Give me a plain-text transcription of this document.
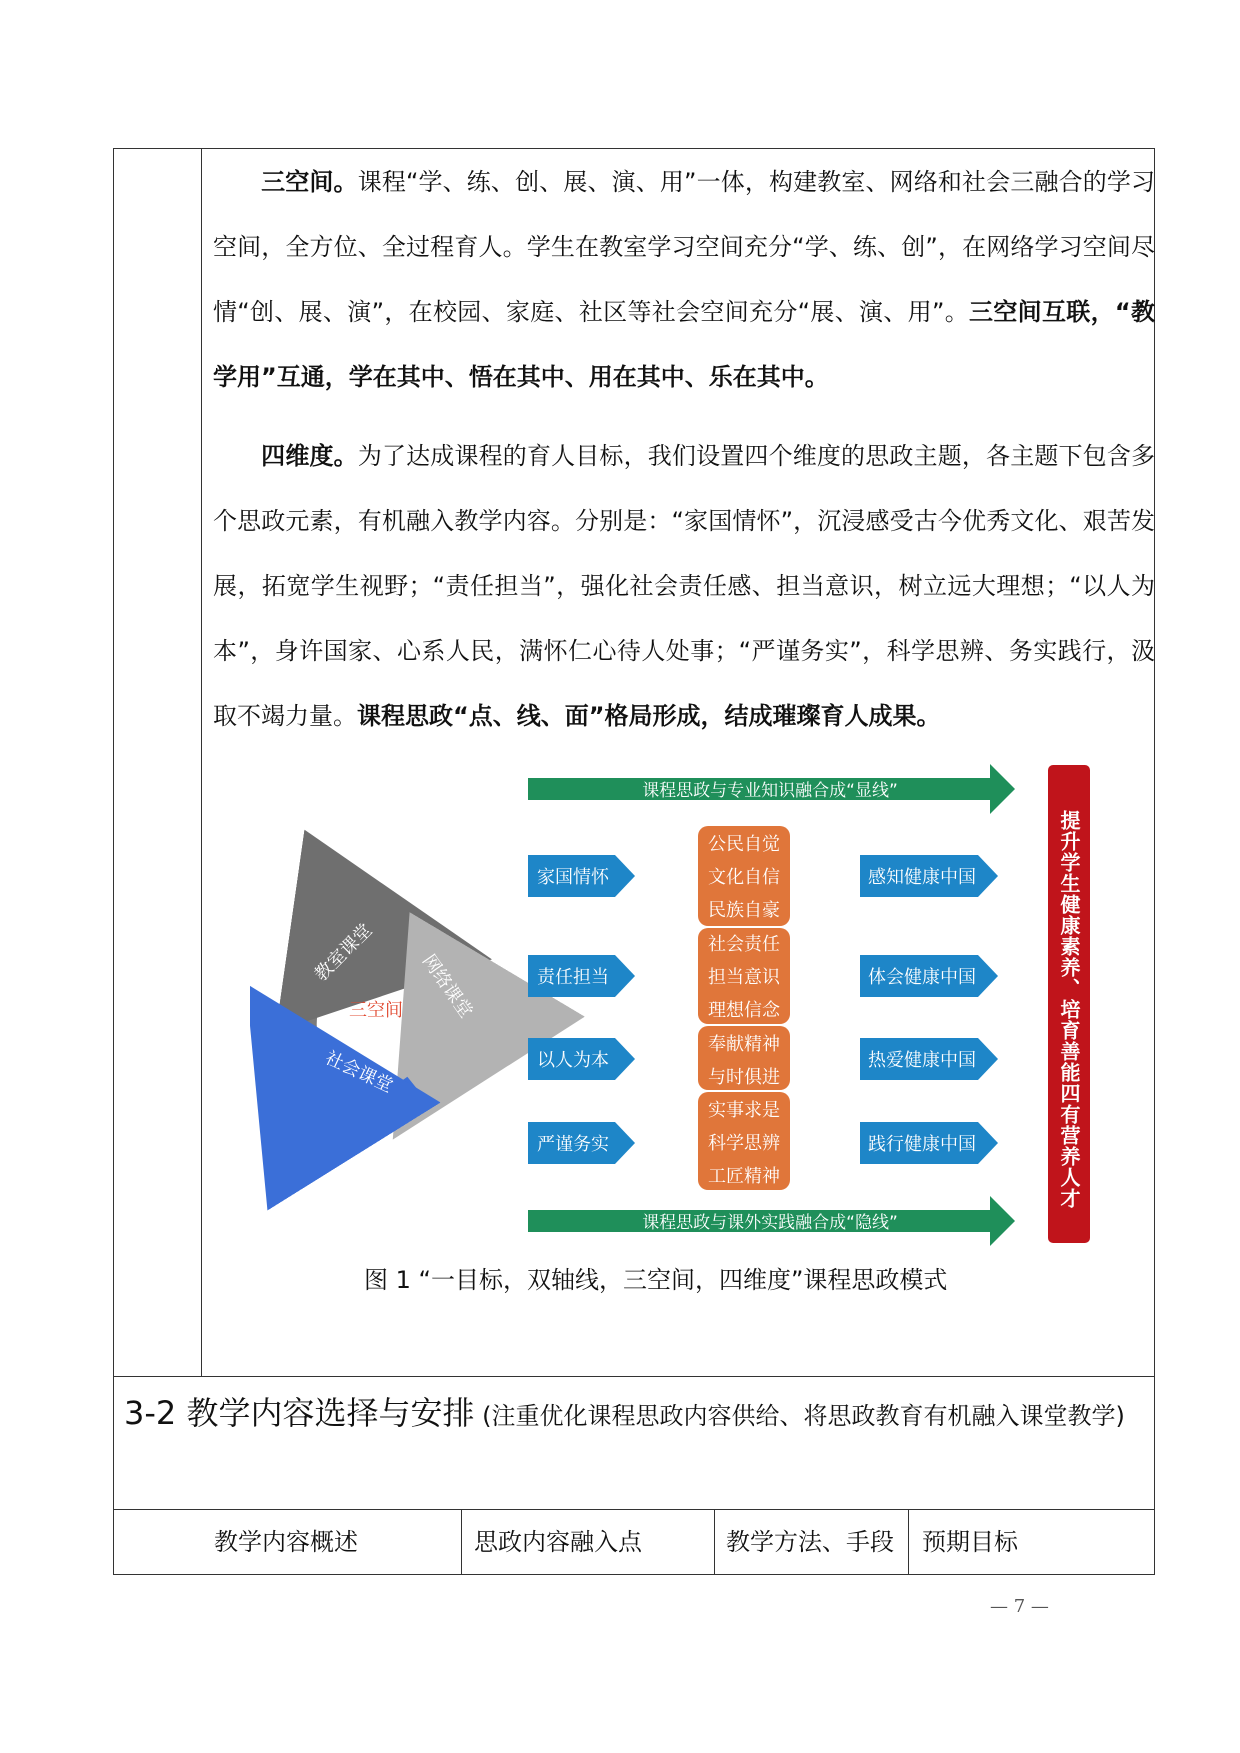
三空间。课程“学、练、创、展、演、用”一体，构建教室、网络和社会三融合的学习空间，全方位、全过程育人。学生在教室学习空间充分“学、练、创”，在网络学习空间尽情“创、展、演”，在校园、家庭、社区等社会空间充分“展、演、用”。三空间互联，“教学用”互通，学在其中、悟在其中、用在其中、乐在其中。

四维度。为了达成课程的育人目标，我们设置四个维度的思政主题，各主题下包含多个思政元素，有机融入教学内容。分别是：“家国情怀”，沉浸感受古今优秀文化、艰苦发展，拓宽学生视野；“责任担当”，强化社会责任感、担当意识，树立远大理想；“以人为本”，身许国家、心系人民，满怀仁心待人处事；“严谨务实”，科学思辨、务实践行，汲取不竭力量。课程思政“点、线、面”格局形成，结成璀璨育人成果。

教室课堂 网络课堂
社会课堂
三空间
课程思政与专业知识融合成“显线”
课程思政与课外实践融合成“隐线”
家国情怀
责任担当
以人为本
严谨务实
公民自觉
文化自信
民族自豪
社会责任
担当意识
理想信念
奉献精神
与时俱进
实事求是
科学思辨
工匠精神
感知健康中国
体会健康中国
热爱健康中国
践行健康中国	提升学生健康素养、培育善能四有营养人才
图 1 “一目标，双轴线，三空间，四维度”课程思政模式

3-2 教学内容选择与安排 (注重优化课程思政内容供给、将思政教育有机融入课堂教学)

教学内容概述	思政内容融入点	教学方法、手段 预期目标
— 7 —
